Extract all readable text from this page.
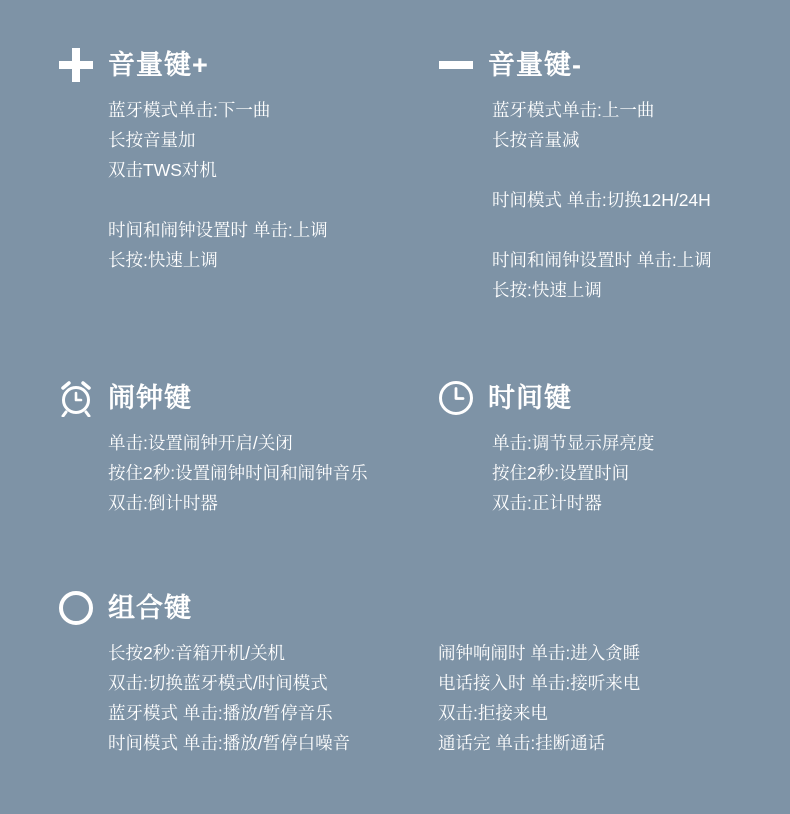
音量键+
蓝牙模式单击:下一曲
长按音量加
双击TWS对机
时间和闹钟设置时 单击:上调
长按:快速上调
音量键-
蓝牙模式单击:上一曲
长按音量减
时间模式 单击:切换12H/24H
时间和闹钟设置时 单击:上调
长按:快速上调
闹钟键
单击:设置闹钟开启/关闭
按住2秒:设置闹钟时间和闹钟音乐
双击:倒计时器
时间键
单击:调节显示屏亮度
按住2秒:设置时间
双击:正计时器
组合键
长按2秒:音箱开机/关机
双击:切换蓝牙模式/时间模式
蓝牙模式 单击:播放/暂停音乐
时间模式 单击:播放/暂停白噪音
闹钟响闹时 单击:进入贪睡
电话接入时 单击:接听来电
双击:拒接来电
通话完 单击:挂断通话
